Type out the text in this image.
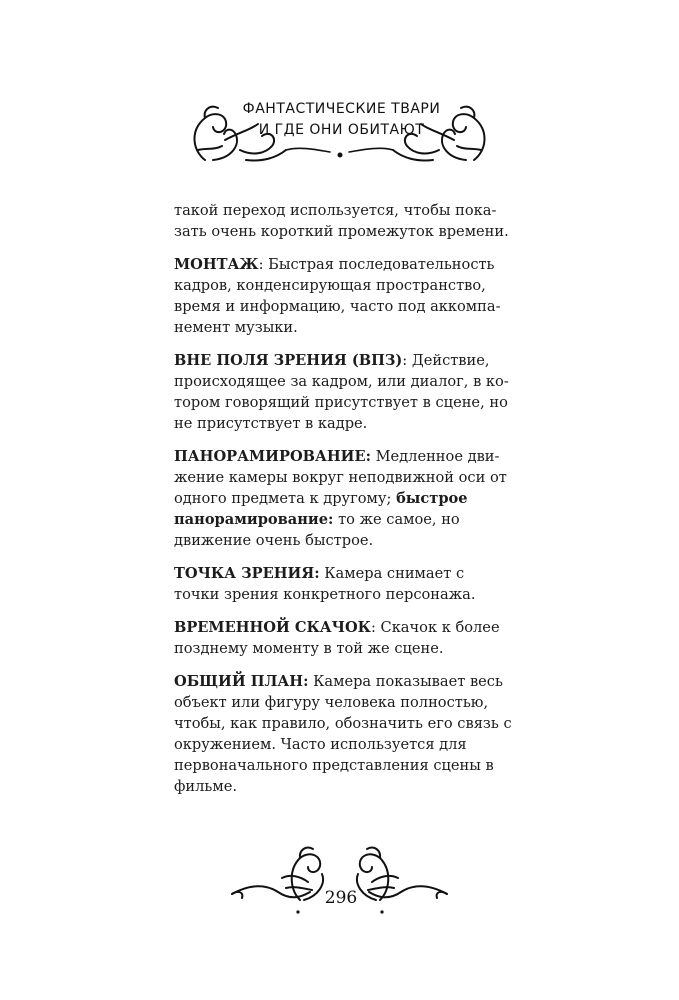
ФАНТАСТИЧЕСКИЕ ТВАРИ
И ГДЕ ОНИ ОБИТАЮТ

такой переход используется, чтобы показать очень короткий промежуток времени.

МОНТАЖ: Быстрая последовательность кадров, конденсирующая пространство, время и информацию, часто под аккомпанемент музыки.

ВНЕ ПОЛЯ ЗРЕНИЯ (ВПЗ): Действие, происходящее за кадром, или диалог, в котором говорящий присутствует в сцене, но не присутствует в кадре.

ПАНОРАМИРОВАНИЕ: Медленное движение камеры вокруг неподвижной оси от одного предмета к другому; быстрое панорамирование: то же самое, но движение очень быстрое.

ТОЧКА ЗРЕНИЯ: Камера снимает с точки зрения конкретного персонажа.

ВРЕМЕННОЙ СКАЧОК: Скачок к более позднему моменту в той же сцене.

ОБЩИЙ ПЛАН: Камера показывает весь объект или фигуру человека полностью, чтобы, как правило, обозначить его связь с окружением. Часто используется для первоначального представления сцены в фильме.

296
